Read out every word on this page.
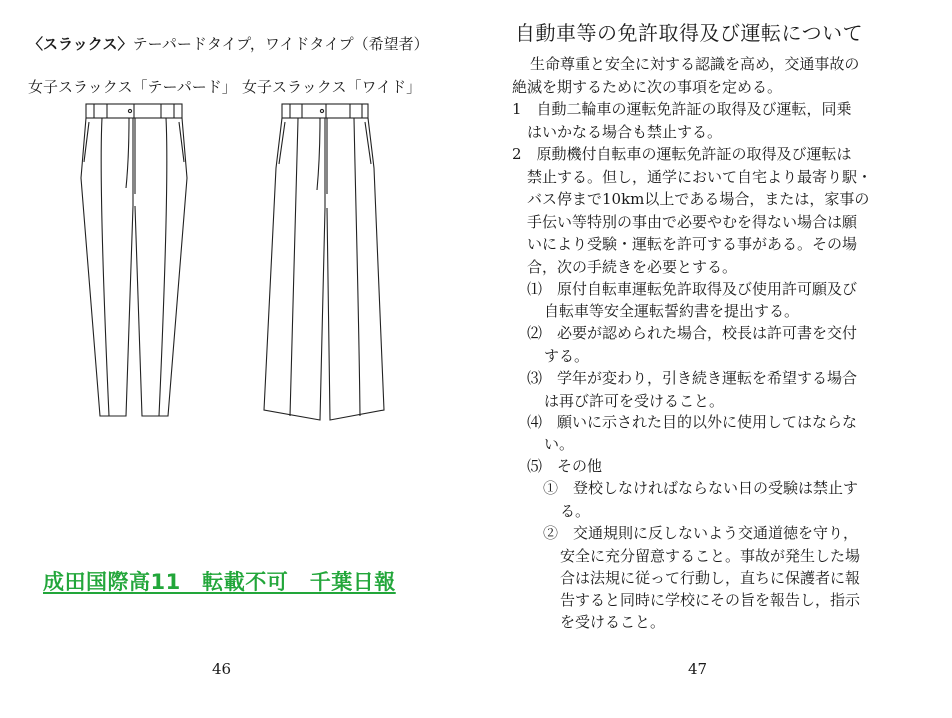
〈スラックス〉テーパードタイプ，ワイドタイプ（希望者）
女子スラックス「テーパード」 女子スラックス「ワイド」
成田国際高11　転載不可　千葉日報
46
自動車等の免許取得及び運転について
生命尊重と安全に対する認識を高め，交通事故の
絶滅を期するために次の事項を定める。
1　自動二輪車の運転免許証の取得及び運転，同乗
はいかなる場合も禁止する。
2　原動機付自転車の運転免許証の取得及び運転は
禁止する。但し，通学において自宅より最寄り駅・
バス停まで10km以上である場合，または，家事の
手伝い等特別の事由で必要やむを得ない場合は願
いにより受験・運転を許可する事がある。その場
合，次の手続きを必要とする。
⑴　原付自転車運転免許取得及び使用許可願及び
自転車等安全運転誓約書を提出する。
⑵　必要が認められた場合，校長は許可書を交付
する。
⑶　学年が変わり，引き続き運転を希望する場合
は再び許可を受けること。
⑷　願いに示された目的以外に使用してはならな
い。
⑸　その他
①　登校しなければならない日の受験は禁止す
る。
②　交通規則に反しないよう交通道徳を守り，
安全に充分留意すること。事故が発生した場
合は法規に従って行動し，直ちに保護者に報
告すると同時に学校にその旨を報告し，指示
を受けること。
47
